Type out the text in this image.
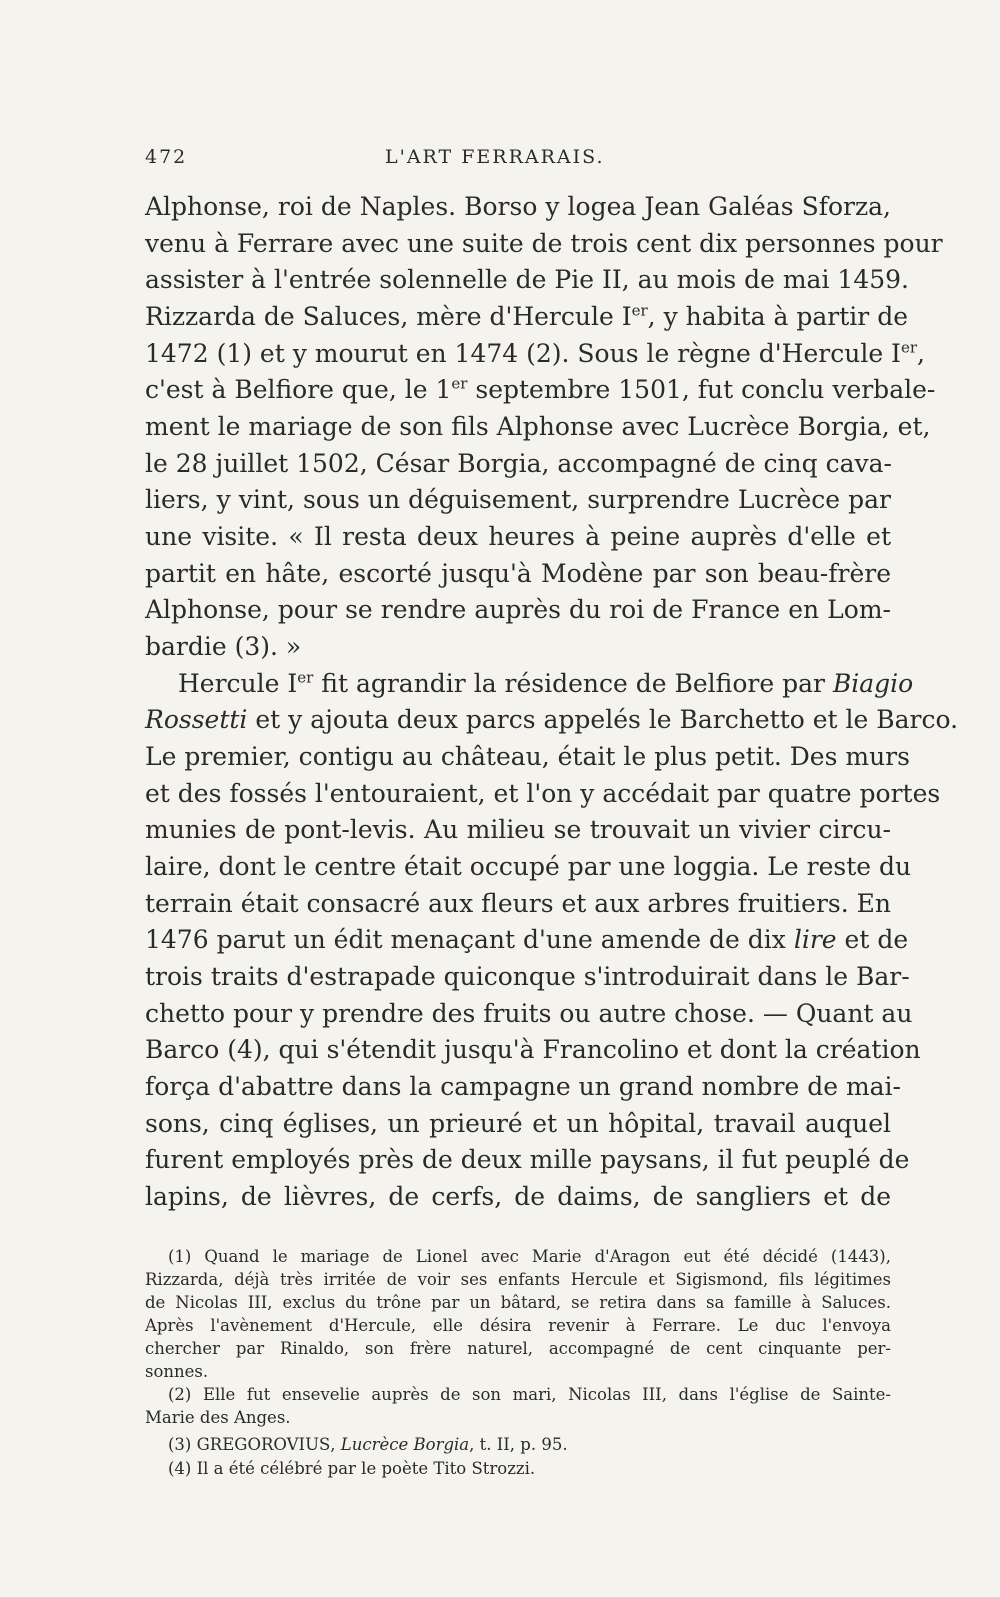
472	L'ART FERRARAIS.
Alphonse, roi de Naples. Borso y logea Jean Galéas Sforza,
venu à Ferrare avec une suite de trois cent dix personnes pour
assister à l'entrée solennelle de Pie II, au mois de mai 1459.
Rizzarda de Saluces, mère d'Hercule Ier, y habita à partir de
1472 (1) et y mourut en 1474 (2). Sous le règne d'Hercule Ier,
c'est à Belfiore que, le 1er septembre 1501, fut conclu verbale-
ment le mariage de son fils Alphonse avec Lucrèce Borgia, et,
le 28 juillet 1502, César Borgia, accompagné de cinq cava-
liers, y vint, sous un déguisement, surprendre Lucrèce par
une visite. « Il resta deux heures à peine auprès d'elle et
partit en hâte, escorté jusqu'à Modène par son beau-frère
Alphonse, pour se rendre auprès du roi de France en Lom-
bardie (3). »
Hercule Ier fit agrandir la résidence de Belfiore par Biagio
Rossetti et y ajouta deux parcs appelés le Barchetto et le Barco.
Le premier, contigu au château, était le plus petit. Des murs
et des fossés l'entouraient, et l'on y accédait par quatre portes
munies de pont-levis. Au milieu se trouvait un vivier circu-
laire, dont le centre était occupé par une loggia. Le reste du
terrain était consacré aux fleurs et aux arbres fruitiers. En
1476 parut un édit menaçant d'une amende de dix lire et de
trois traits d'estrapade quiconque s'introduirait dans le Bar-
chetto pour y prendre des fruits ou autre chose. — Quant au
Barco (4), qui s'étendit jusqu'à Francolino et dont la création
força d'abattre dans la campagne un grand nombre de mai-
sons, cinq églises, un prieuré et un hôpital, travail auquel
furent employés près de deux mille paysans, il fut peuplé de
lapins, de lièvres, de cerfs, de daims, de sangliers et de
(1) Quand le mariage de Lionel avec Marie d'Aragon eut été décidé (1443),
Rizzarda, déjà très irritée de voir ses enfants Hercule et Sigismond, fils légitimes
de Nicolas III, exclus du trône par un bâtard, se retira dans sa famille à Saluces.
Après l'avènement d'Hercule, elle désira revenir à Ferrare. Le duc l'envoya
chercher par Rinaldo, son frère naturel, accompagné de cent cinquante per-
sonnes.
(2) Elle fut ensevelie auprès de son mari, Nicolas III, dans l'église de Sainte-
Marie des Anges.
(3) GREGOROVIUS, Lucrèce Borgia, t. II, p. 95.
(4) Il a été célébré par le poète Tito Strozzi.
